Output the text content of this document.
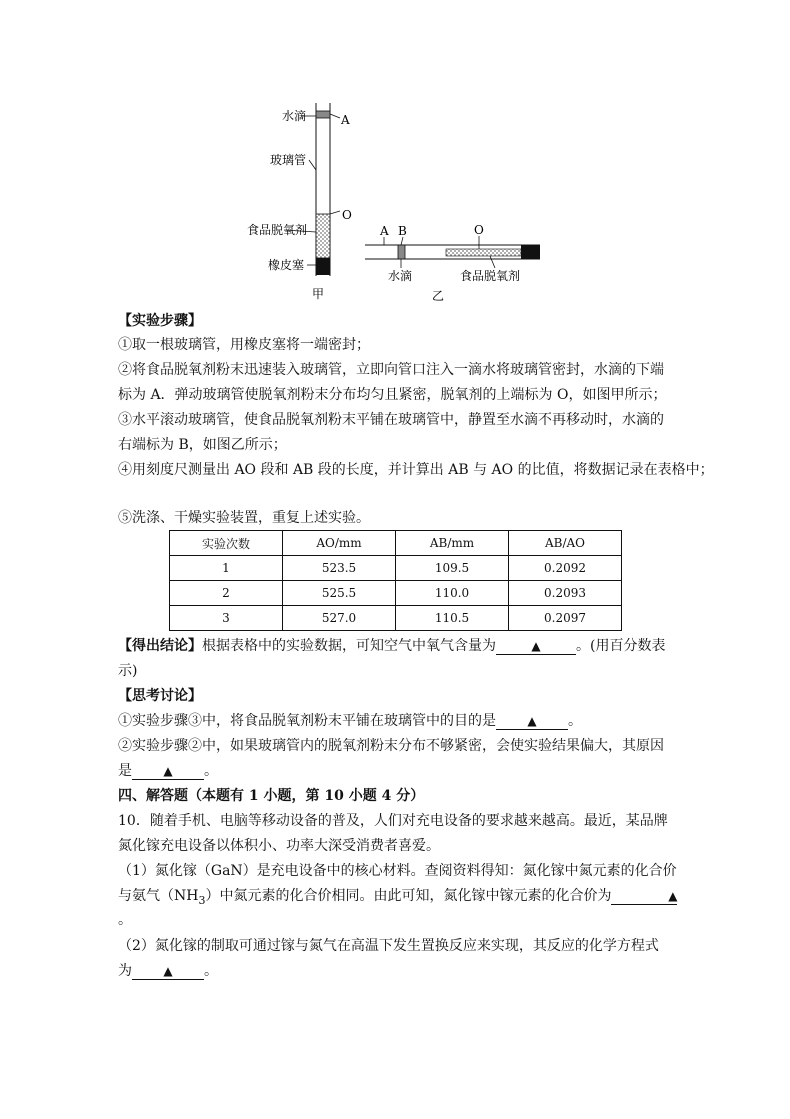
水滴	A
玻璃管
O
食品脱氧剂
橡皮塞
甲
A B	O
水滴	食品脱氧剂
乙
【实验步骤】
①取一根玻璃管，用橡皮塞将一端密封；
②将食品脱氧剂粉末迅速装入玻璃管，立即向管口注入一滴水将玻璃管密封，水滴的下端
标为 A．弹动玻璃管使脱氧剂粉末分布均匀且紧密，脱氧剂的上端标为 O，如图甲所示；
③水平滚动玻璃管，使食品脱氧剂粉末平铺在玻璃管中，静置至水滴不再移动时，水滴的
右端标为 B，如图乙所示；
④用刻度尺测量出 AO 段和 AB 段的长度，并计算出 AB 与 AO 的比值，将数据记录在表格中；
⑤洗涤、干燥实验装置，重复上述实验。
实验次数	AO/mm	AB/mm	AB/AO
1	523.5	109.5	0.2092
2	525.5	110.0	0.2093
3	527.0	110.5	0.2097
【得出结论】根据表格中的实验数据，可知空气中氧气含量为	▲	。(用百分数表
示)
【思考讨论】
①实验步骤③中，将食品脱氧剂粉末平铺在玻璃管中的目的是	▲ 。
②实验步骤②中，如果玻璃管内的脱氧剂粉末分布不够紧密，会使实验结果偏大，其原因
是	▲ 。
四、解答题（本题有 1 小题，第 10 小题 4 分）
10．随着手机、电脑等移动设备的普及，人们对充电设备的要求越来越高。最近，某品牌
氮化镓充电设备以体积小、功率大深受消费者喜爱。
（1）氮化镓（GaN）是充电设备中的核心材料。查阅资料得知：氮化镓中氮元素的化合价
与氨气$(NH_3)$中氮元素的化合价相同。由此可知，氮化镓中镓元素的化合价为	▲
。
（2）氮化镓的制取可通过镓与氮气在高温下发生置换反应来实现，其反应的化学方程式
为	▲ 。
